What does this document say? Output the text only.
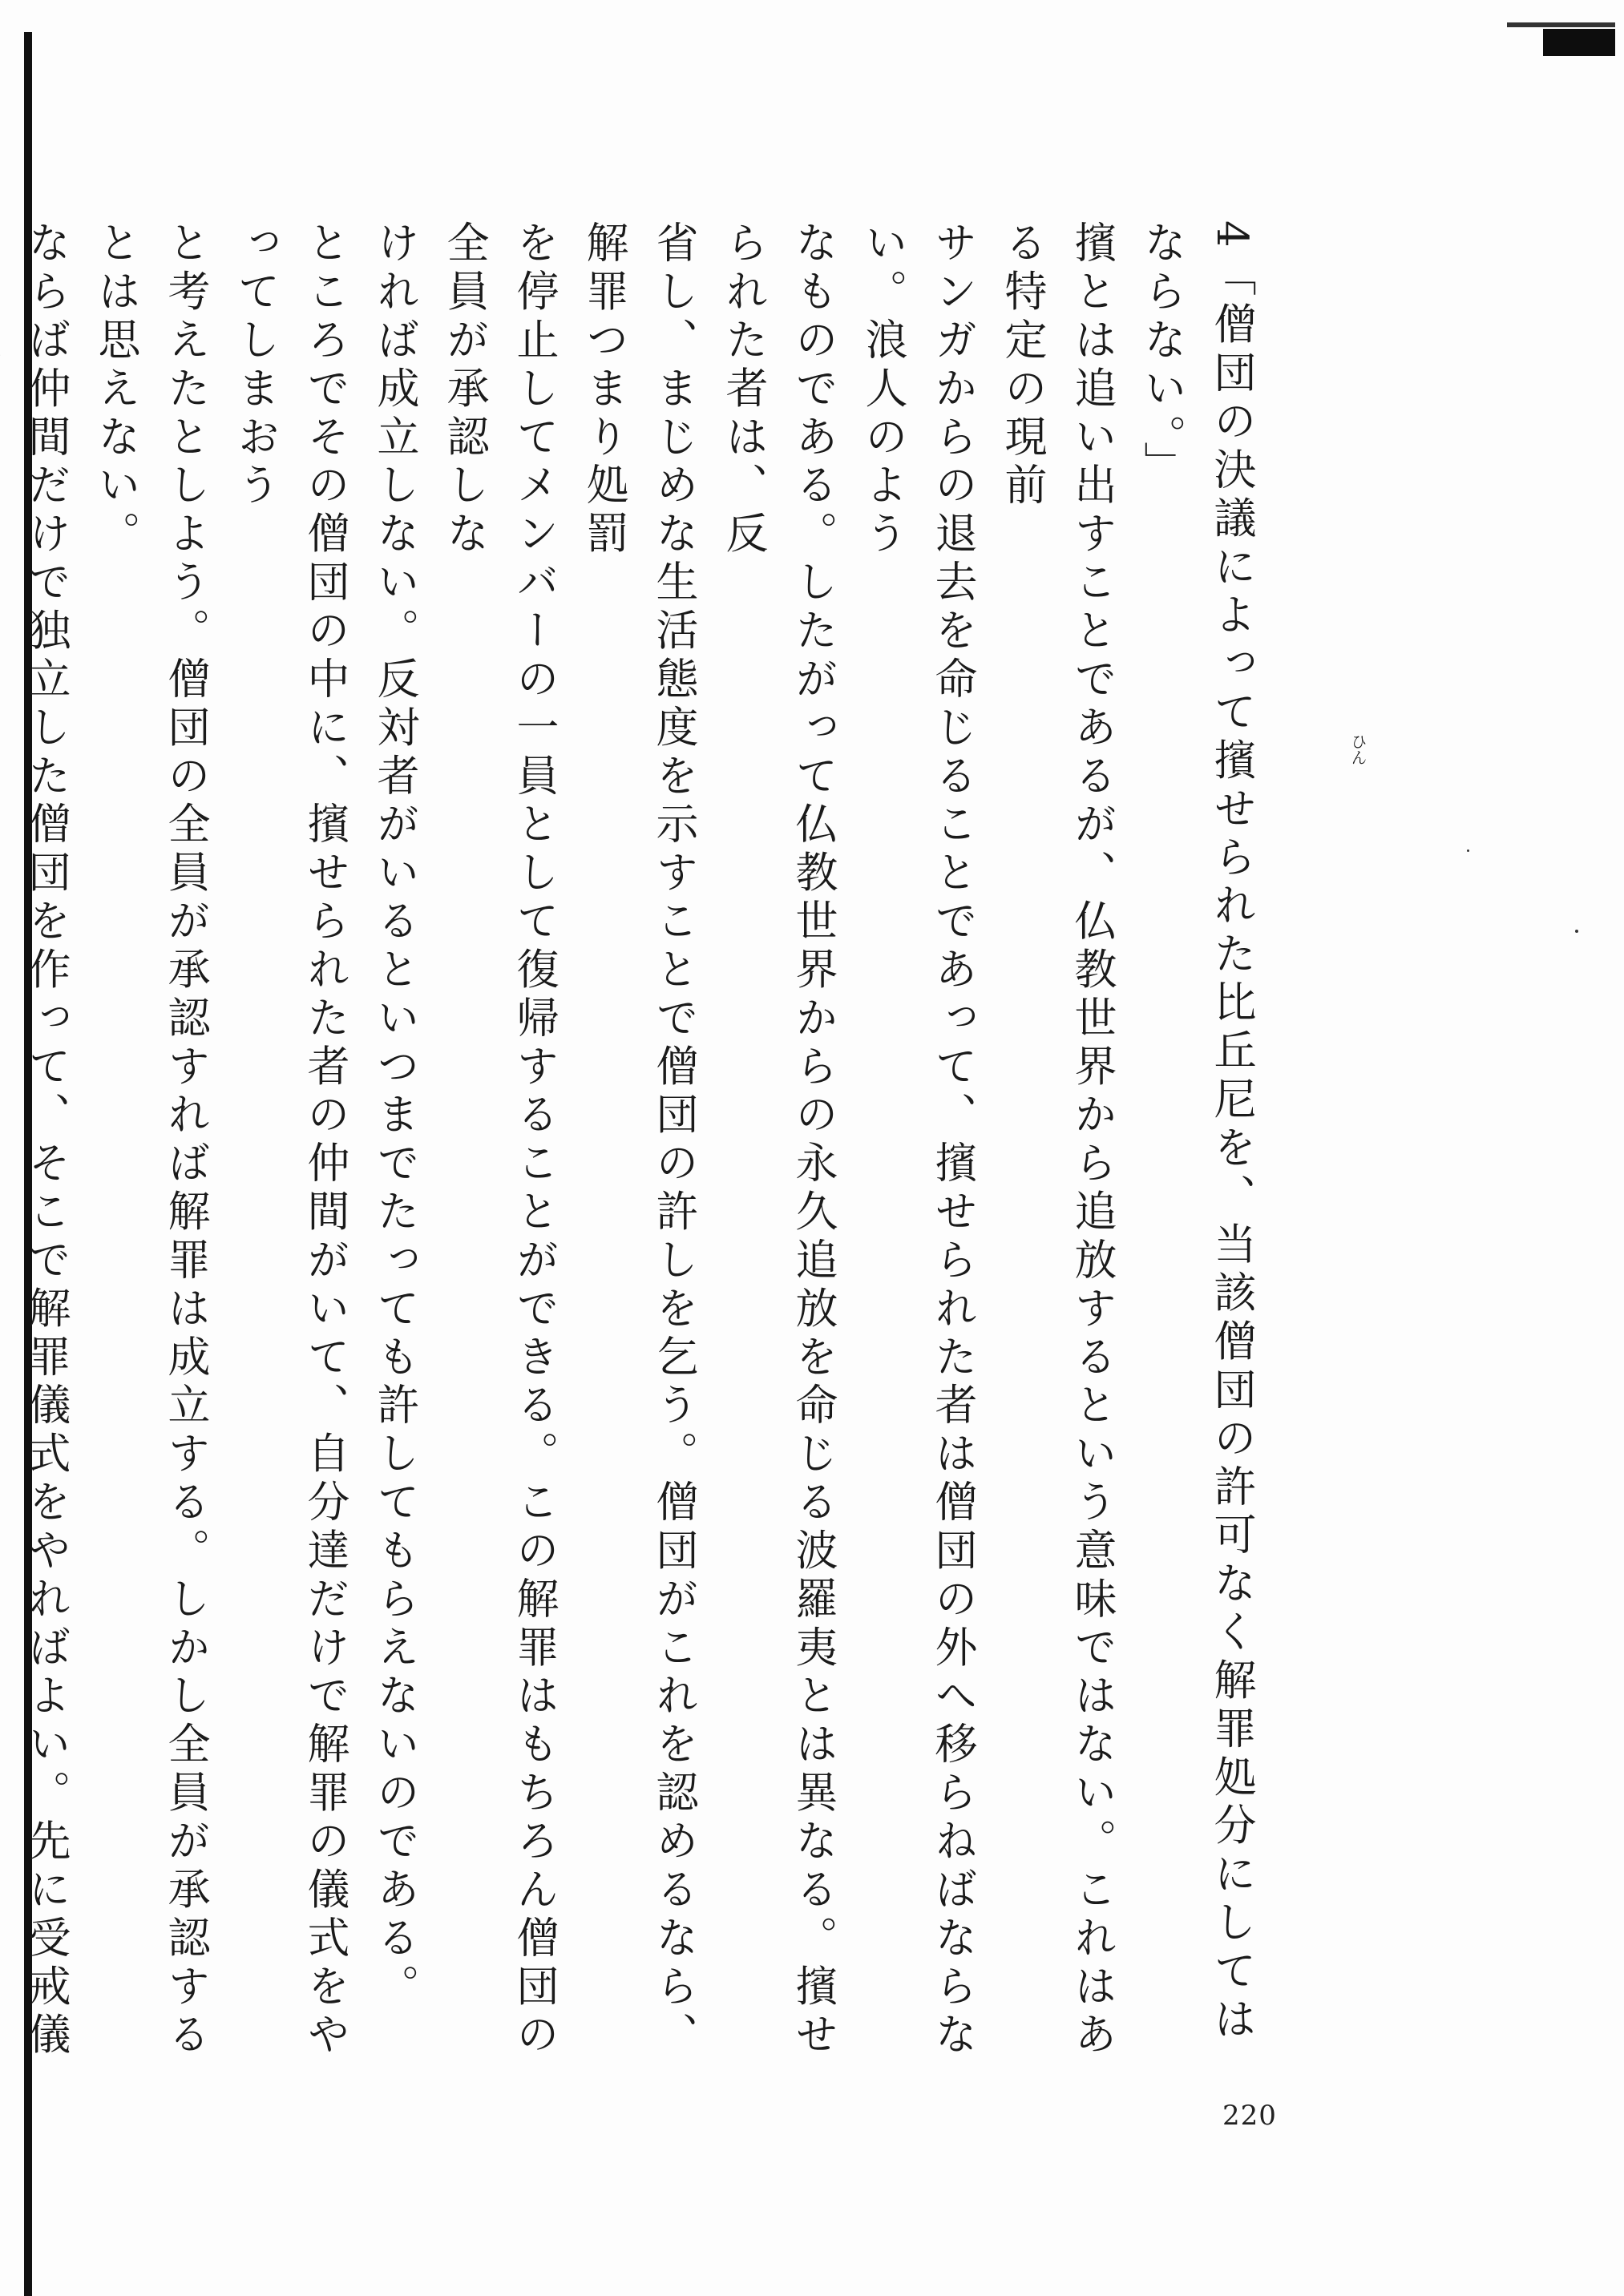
4「僧団の決議によって擯せられた比丘尼を、当該僧団の許可なく解罪処分にしてはならない。」

擯とは追い出すことであるが、仏教世界から追放するという意味ではない。これはある特定の現前

サンガからの退去を命じることであって、擯せられた者は僧団の外へ移らねばならない。浪人のよう

なものである。したがって仏教世界からの永久追放を命じる波羅夷とは異なる。擯せられた者は、反

省し、まじめな生活態度を示すことで僧団の許しを乞う。僧団がこれを認めるなら、解罪つまり処罰

を停止してメンバーの一員として復帰することができる。この解罪はもちろん僧団の全員が承認しな

ければ成立しない。反対者がいるといつまでたっても許してもらえないのである。

ところでその僧団の中に、擯せられた者の仲間がいて、自分達だけで解罪の儀式をやってしまおう

と考えたとしよう。僧団の全員が承認すれば解罪は成立する。しかし全員が承認するとは思えない。

ならば仲間だけで独立した僧団を作って、そこで解罪儀式をやればよい。先に受戒儀

ひん
220
